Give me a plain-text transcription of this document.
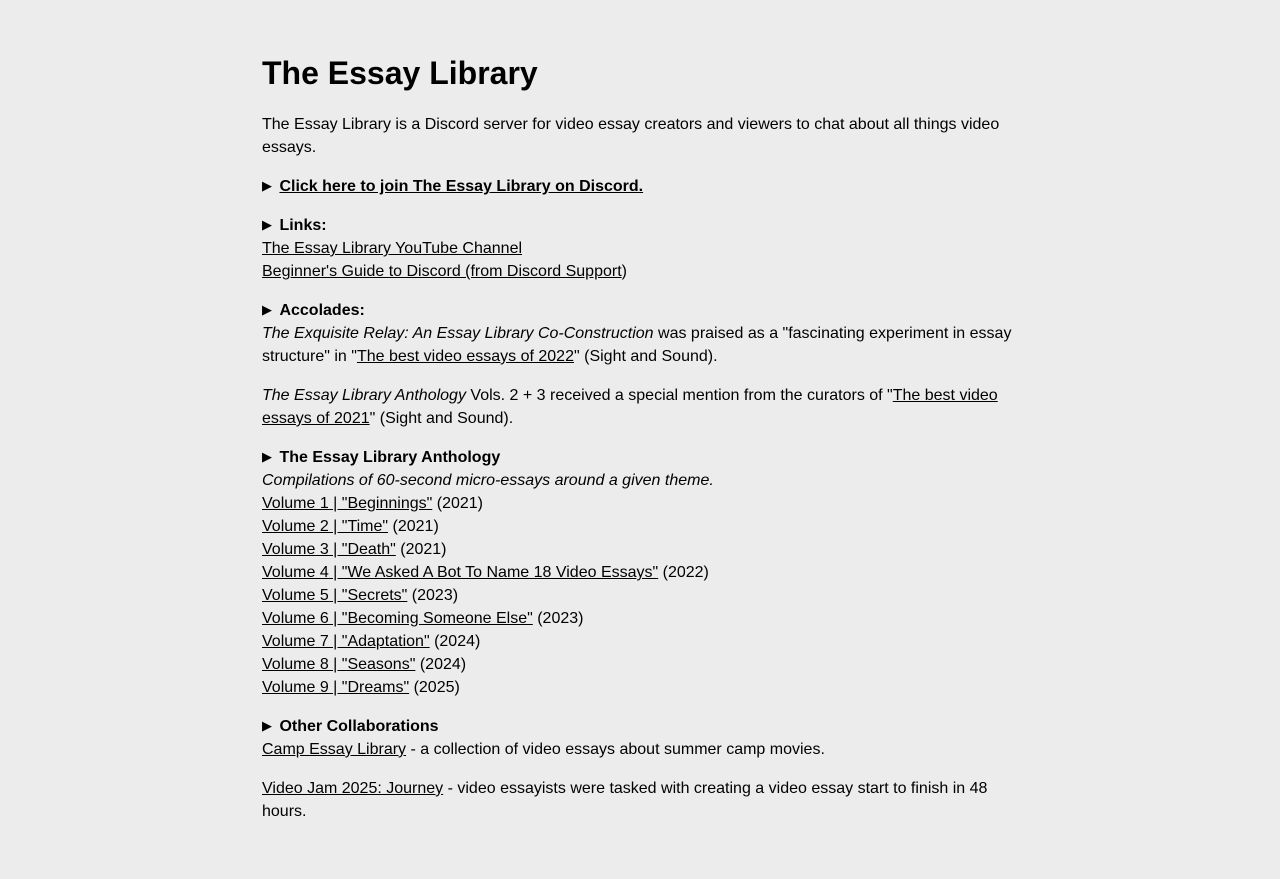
The Essay Library

The Essay Library is a Discord server for video essay creators and viewers to chat about all things video essays.

▶ Click here to join The Essay Library on Discord.

▶ Links:
The Essay Library YouTube Channel
Beginner's Guide to Discord (from Discord Support)

▶ Accolades:
The Exquisite Relay: An Essay Library Co-Construction was praised as a "fascinating experiment in essay structure" in "The best video essays of 2022" (Sight and Sound).

The Essay Library Anthology Vols. 2 + 3 received a special mention from the curators of "The best video essays of 2021" (Sight and Sound).

▶ The Essay Library Anthology
Compilations of 60-second micro-essays around a given theme.
Volume 1 | "Beginnings" (2021)
Volume 2 | "Time" (2021)
Volume 3 | "Death" (2021)
Volume 4 | "We Asked A Bot To Name 18 Video Essays" (2022)
Volume 5 | "Secrets" (2023)
Volume 6 | "Becoming Someone Else" (2023)
Volume 7 | "Adaptation" (2024)
Volume 8 | "Seasons" (2024)
Volume 9 | "Dreams" (2025)

▶ Other Collaborations
Camp Essay Library - a collection of video essays about summer camp movies.

Video Jam 2025: Journey - video essayists were tasked with creating a video essay start to finish in 48 hours.
